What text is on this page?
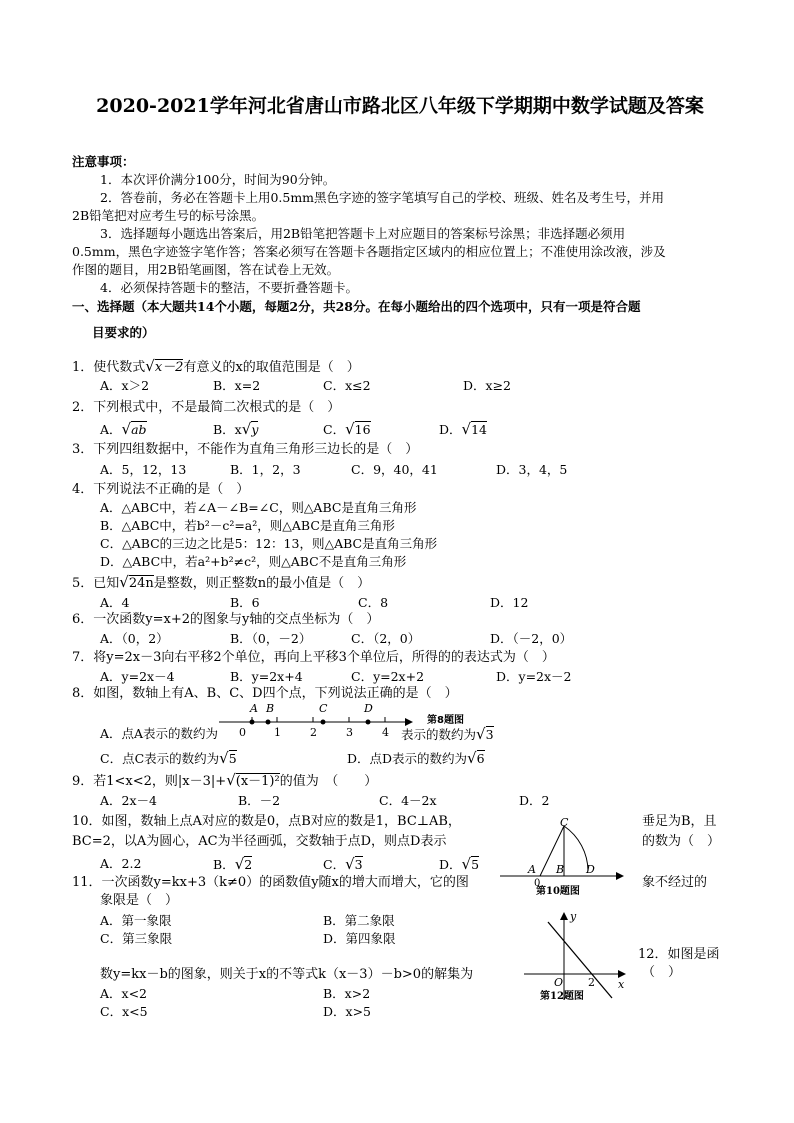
2020-2021学年河北省唐山市路北区八年级下学期期中数学试题及答案
注意事项：
1．本次评价满分100分，时间为90分钟。
2．答卷前，务必在答题卡上用0.5mm黑色字迹的签字笔填写自己的学校、班级、姓名及考生号，并用
2B铅笔把对应考生号的标号涂黑。
3．选择题每小题选出答案后，用2B铅笔把答题卡上对应题目的答案标号涂黑；非选择题必须用
0.5mm，黑色字迹签字笔作答；答案必须写在答题卡各题指定区域内的相应位置上；不准使用涂改液，涉及
作图的题目，用2B铅笔画图，答在试卷上无效。
4．必须保持答题卡的整洁，不要折叠答题卡。
一、选择题（本大题共14个小题，每题2分，共28分。在每小题给出的四个选项中，只有一项是符合题
目要求的）
1．使代数式√x－2有意义的x的取值范围是（　）
A．x＞2	B．x=2	C．x≤2	D．x≥2
2．下列根式中，不是最简二次根式的是（　）
A．√ab	B．x√y	C．√16	D．√14
3．下列四组数据中，不能作为直角三角形三边长的是（　）
A．5，12，13	B．1，2，3	C．9，40，41	D．3，4，5
4．下列说法不正确的是（　）
A．△ABC中，若∠A－∠B=∠C，则△ABC是直角三角形
B．△ABC中，若b²－c²=a²，则△ABC是直角三角形
C．△ABC的三边之比是5：12：13，则△ABC是直角三角形
D．△ABC中，若a²+b²≠c²，则△ABC不是直角三角形
5．已知√24n是整数，则正整数n的最小值是（　）
A．4	B．6	C．8	D．12
6．一次函数y=x+2的图象与y轴的交点坐标为（　）
A．（0，2）	B．（0，－2）	C．（2，0）	D．（－2，0）
7．将y=2x－3向右平移2个单位，再向上平移3个单位后，所得的的表达式为（　）
A．y=2x－4	B．y=2x+4	C．y=2x+2	D．y=2x－2
8．如图，数轴上有A、B、C、D四个点，下列说法正确的是（　）
A B	C	D
0	1	2	3	4
第8题图
A．点A表示的数约为	表示的数约为√3
C．点C表示的数约为√5	D．点D表示的数约为√6
9．若1<x<2，则|x－3|+√(x－1)²的值为　（　　）
A．2x－4	B．－2	C．4－2x	D．2
10．如图，数轴上点A对应的数是0，点B对应的数是1，BC⊥AB，	垂足为B，且
BC=2，以A为圆心，AC为半径画弧，交数轴于点D，则点D表示	的数为（　）
A．2.2	B．√2	C．√3	D．√5
C
A B D
0
第10题图
11．一次函数y=kx+3（k≠0）的函数值y随x的增大而增大，它的图	象不经过的
象限是（　）
A．第一象限	B．第二象限
C．第三象限	D．第四象限
y
x
O 2
第12题图
12．如图是函
（　）
数y=kx－b的图象，则关于x的不等式k（x－3）－b>0的解集为
A．x<2	B．x>2
C．x<5	D．x>5
